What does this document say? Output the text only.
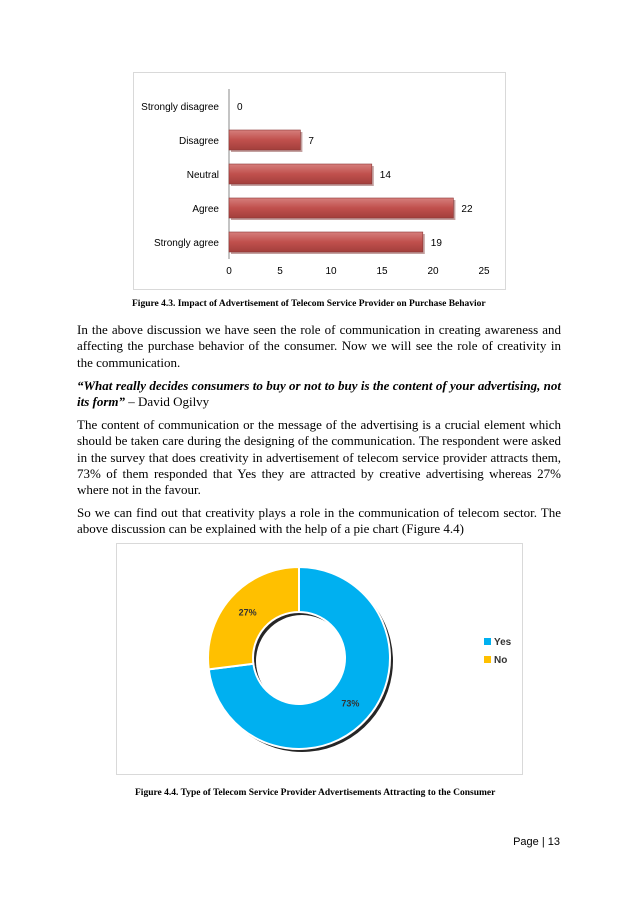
0	5	10	15	20	25
Strongly disagree 0
Disagree	7
Neutral	14
Agree	22
Strongly agree	19
Figure 4.3. Impact of Advertisement of Telecom Service Provider on Purchase Behavior
In the above discussion we have seen the role of communication in creating awareness and affecting the purchase behavior of the consumer. Now we will see the role of creativity in the communication.
“What really decides consumers to buy or not to buy is the content of your advertising, not its form” – David Ogilvy
The content of communication or the message of the advertising is a crucial element which should be taken care during the designing of the communication. The respondent were asked in the survey that does creativity in advertisement of telecom service provider attracts them, 73% of them responded that Yes they are attracted by creative advertising whereas 27% where not in the favour.
So we can find out that creativity plays a role in the communication of telecom sector. The above discussion can be explained with the help of a pie chart (Figure 4.4)
73%
27%
Yes
No
Figure 4.4. Type of Telecom Service Provider Advertisements Attracting to the Consumer
Page | 13
